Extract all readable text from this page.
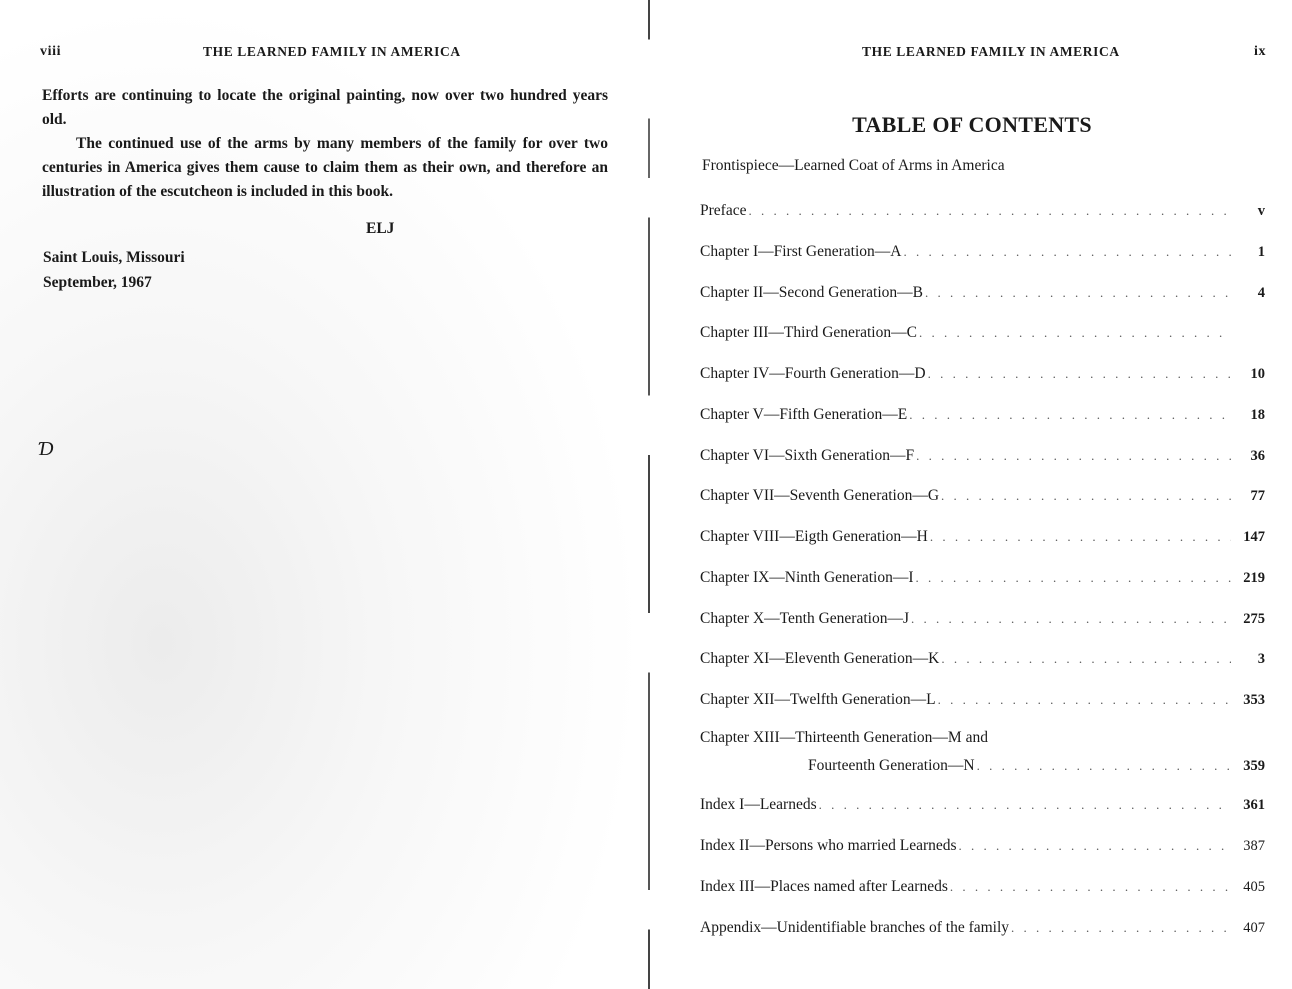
viii	THE LEARNED FAMILY IN AMERICA

Efforts are continuing to locate the original painting, now over two hundred years old.

The continued use of the arms by many members of the family for over two centuries in America gives them cause to claim them as their own, and therefore an illustration of the escutcheon is included in this book.

ELJ
Saint Louis, Missouri
September, 1967
Ɗ
THE LEARNED FAMILY IN AMERICA	ix
TABLE OF CONTENTS
Frontispiece—Learned Coat of Arms in America
Preface . . .	v
Chapter I—First Generation—A . . .	1
Chapter II—Second Generation—B . . .	4
Chapter III—Third Generation—C
. . .
Chapter IV—Fourth Generation—D . . .	10
Chapter V—Fifth Generation—E . . .	18
Chapter VI—Sixth Generation—F . . .	36
Chapter VII—Seventh Generation—G . . .	77
Chapter VIII—Eigth Generation—H . . .	147
Chapter IX—Ninth Generation—I . . .	219
Chapter X—Tenth Generation—J . . .	275
Chapter XI—Eleventh Generation—K . . .	3
Chapter XII—Twelfth Generation—L . . .	353
Chapter XIII—Thirteenth Generation—M and
Fourteenth Generation—N . . .	359
Index I—Learneds . . .	361
Index II—Persons who married Learneds . . .	387
Index III—Places named after Learneds . . .	405
Appendix—Unidentifiable branches of the family . . .	407
